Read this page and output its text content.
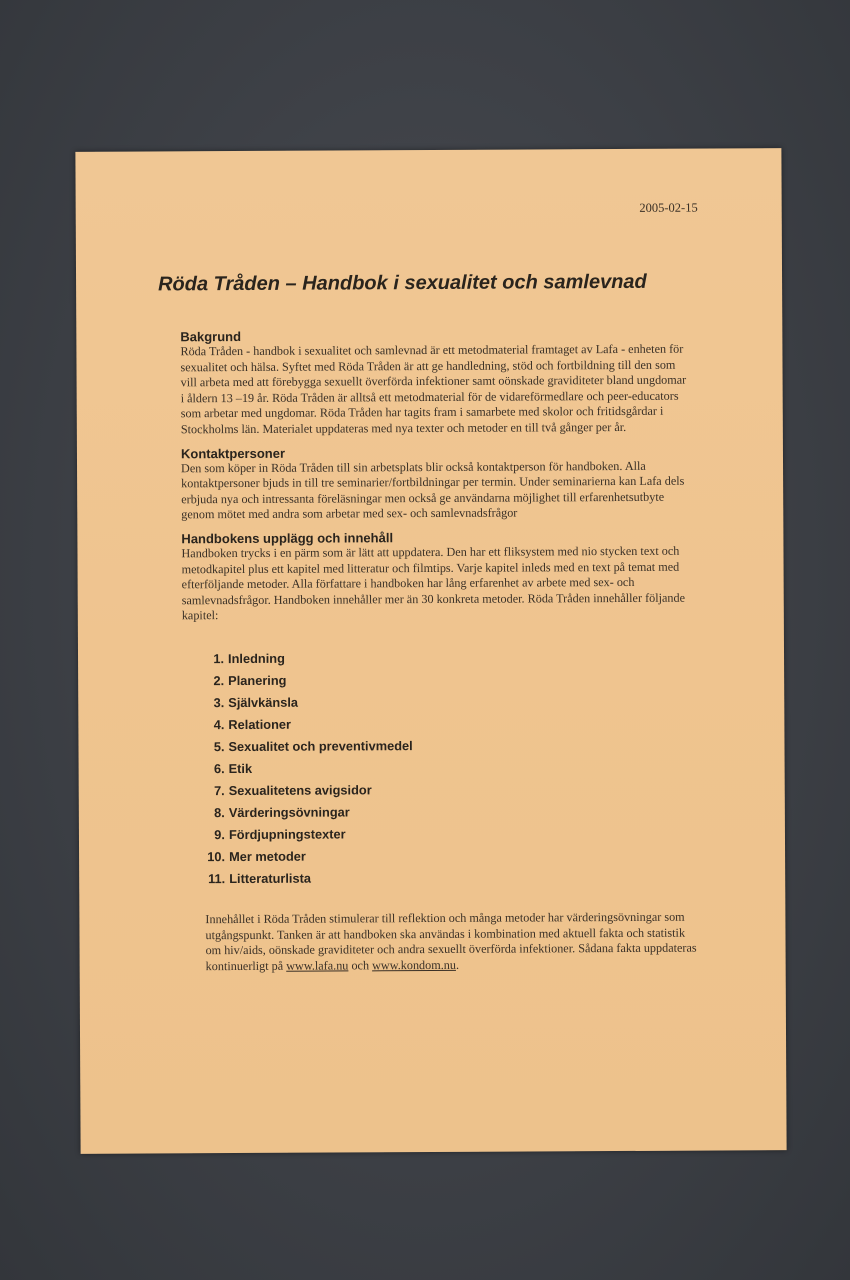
2005-02-15
Röda Tråden – Handbok i sexualitet och samlevnad
Bakgrund

Röda Tråden - handbok i sexualitet och samlevnad är ett metodmaterial framtaget av Lafa - enheten för sexualitet och hälsa. Syftet med Röda Tråden är att ge handledning, stöd och fortbildning till den som vill arbeta med att förebygga sexuellt överförda infektioner samt oönskade graviditeter bland ungdomar i åldern 13 –19 år. Röda Tråden är alltså ett metodmaterial för de vidareförmedlare och peer-educators som arbetar med ungdomar. Röda Tråden har tagits fram i samarbete med skolor och fritidsgårdar i Stockholms län. Materialet uppdateras med nya texter och metoder en till två gånger per år.

Kontaktpersoner

Den som köper in Röda Tråden till sin arbetsplats blir också kontaktperson för handboken. Alla kontaktpersoner bjuds in till tre seminarier/fortbildningar per termin. Under seminarierna kan Lafa dels erbjuda nya och intressanta föreläsningar men också ge användarna möjlighet till erfarenhetsutbyte genom mötet med andra som arbetar med sex- och samlevnadsfrågor

Handbokens upplägg och innehåll

Handboken trycks i en pärm som är lätt att uppdatera. Den har ett fliksystem med nio stycken text och metodkapitel plus ett kapitel med litteratur och filmtips. Varje kapitel inleds med en text på temat med efterföljande metoder. Alla författare i handboken har lång erfarenhet av arbete med sex- och samlevnadsfrågor. Handboken innehåller mer än 30 konkreta metoder. Röda Tråden innehåller följande kapitel:

1. Inledning
2. Planering
3. Självkänsla
4. Relationer
5. Sexualitet och preventivmedel
6. Etik
7. Sexualitetens avigsidor
8. Värderingsövningar
9. Fördjupningstexter
10. Mer metoder
11. Litteraturlista

Innehållet i Röda Tråden stimulerar till reflektion och många metoder har värderingsövningar som utgångspunkt. Tanken är att handboken ska användas i kombination med aktuell fakta och statistik om hiv/aids, oönskade graviditeter och andra sexuellt överförda infektioner. Sådana fakta uppdateras kontinuerligt på www.lafa.nu och www.kondom.nu.
